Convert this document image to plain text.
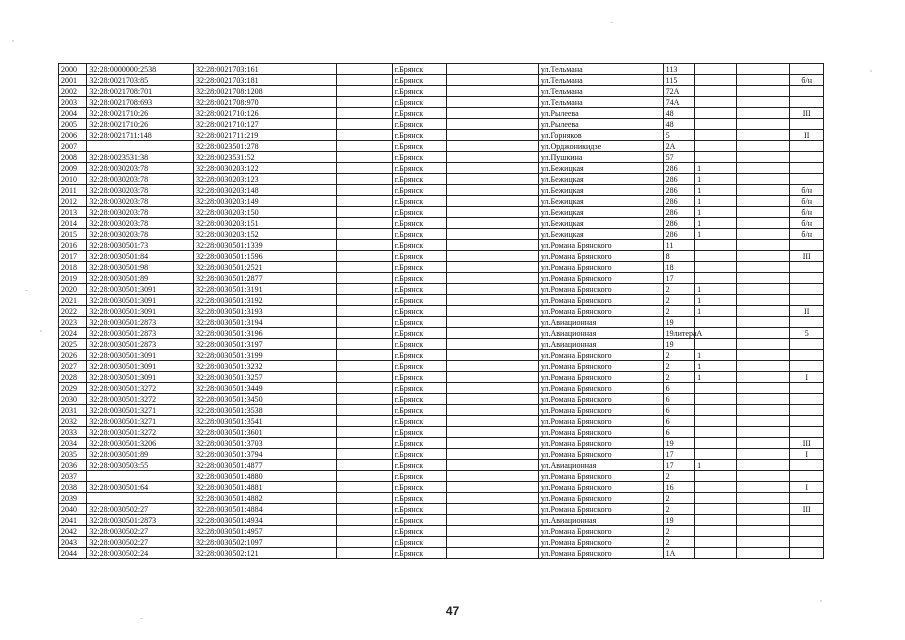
2000	32:28:0000000:2538	32:28:0021703:161		г.Брянск		ул.Тельмана	113			
2001	32:28:0021703:85	32:28:0021703:181		г.Брянск		ул.Тельмана	115			б/н
2002	32:28:0021708:701	32:28:0021708:1208		г.Брянск		ул.Тельмана	72А			
2003	32:28:0021708:693	32:28:0021708:970		г.Брянск		ул.Тельмана	74А			
2004	32:28:0021710:26	32:28:0021710:126		г.Брянск		ул.Рылеева	48			III
2005	32:28:0021710:26	32:28:0021710:127		г.Брянск		ул.Рылеева	48			
2006	32:28:0021711:148	32:28:0021711:219		г.Брянск		ул.Горняков	5			II
2007		32:28:0023501:278		г.Брянск		ул.Орджоникидзе	2А			
2008	32:28:0023531:38	32:28:0023531:52		г.Брянск		ул.Пушкина	57			
2009	32:28:0030203:78	32:28:0030203:122		г.Брянск		ул.Бежицкая	286	1		
2010	32:28:0030203:78	32:28:0030203:123		г.Брянск		ул.Бежицкая	286	1		
2011	32:28:0030203:78	32:28:0030203:148		г.Брянск		ул.Бежицкая	286	1		б/н
2012	32:28:0030203:78	32:28:0030203:149		г.Брянск		ул.Бежицкая	286	1		б/н
2013	32:28:0030203:78	32:28:0030203:150		г.Брянск		ул.Бежицкая	286	1		б/н
2014	32:28:0030203:78	32:28:0030203:151		г.Брянск		ул.Бежицкая	286	1		б/н
2015	32:28:0030203:78	32:28:0030203:152		г.Брянск		ул.Бежицкая	286	1		б/н
2016	32:28:0030501:73	32:28:0030501:1339		г.Брянск		ул.Романа Брянского	11			
2017	32:28:0030501:84	32:28:0030501:1596		г.Брянск		ул.Романа Брянского	8			III
2018	32:28:0030501:98	32:28:0030501:2521		г.Брянск		ул.Романа Брянского	18			
2019	32:28:0030501:89	32:28:0030501:2877		г.Брянск		ул.Романа Брянского	17			
2020	32:28:0030501:3091	32:28:0030501:3191		г.Брянск		ул.Романа Брянского	2	1		
2021	32:28:0030501:3091	32:28:0030501:3192		г.Брянск		ул.Романа Брянского	2	1		
2022	32:28:0030501:3091	32:28:0030501:3193		г.Брянск		ул.Романа Брянского	2	1		II
2023	32:28:0030501:2873	32:28:0030501:3194		г.Брянск		ул.Авиационная	19			
2024	32:28:0030501:2873	32:28:0030501:3196		г.Брянск		ул.Авиационная	19литераА			5
2025	32:28:0030501:2873	32:28:0030501:3197		г.Брянск		ул.Авиационная	19			
2026	32:28:0030501:3091	32:28:0030501:3199		г.Брянск		ул.Романа Брянского	2	1		
2027	32:28:0030501:3091	32:28:0030501:3232		г.Брянск		ул.Романа Брянского	2	1		
2028	32:28:0030501:3091	32:28:0030501:3257		г.Брянск		ул.Романа Брянского	2	1		I
2029	32:28:0030501:3272	32:28:0030501:3449		г.Брянск		ул.Романа Брянского	6			
2030	32:28:0030501:3272	32:28:0030501:3450		г.Брянск		ул.Романа Брянского	6			
2031	32:28:0030501:3271	32:28:0030501:3538		г.Брянск		ул.Романа Брянского	6			
2032	32:28:0030501:3271	32:28:0030501:3541		г.Брянск		ул.Романа Брянского	6			
2033	32:28:0030501:3272	32:28:0030501:3601		г.Брянск		ул.Романа Брянского	6			
2034	32:28:0030501:3206	32:28:0030501:3703		г.Брянск		ул.Романа Брянского	19			III
2035	32:28:0030501:89	32:28:0030501:3794		г.Брянск		ул.Романа Брянского	17			I
2036	32:28:0030503:55	32:28:0030501:4877		г.Брянск		ул.Авиационная	17	1		
2037		32:28:0030501:4880		г.Брянск		ул.Романа Брянского	2			
2038	32:28:0030501:64	32:28:0030501:4881		г.Брянск		ул.Романа Брянского	16			I
2039		32:28:0030501:4882		г.Брянск		ул.Романа Брянского	2			
2040	32:28:0030502:27	32:28:0030501:4884		г.Брянск		ул.Романа Брянского	2			III
2041	32:28:0030501:2873	32:28:0030501:4934		г.Брянск		ул.Авиационная	19			
2042	32:28:0030502:27	32:28:0030501:4957		г.Брянск		ул.Романа Брянского	2			
2043	32:28:0030502:27	32:28:0030502:1097		г.Брянск		ул.Романа Брянского	2			
2044	32:28:0030502:24	32:28:0030502:121		г.Брянск		ул.Романа Брянского	1А			
47
